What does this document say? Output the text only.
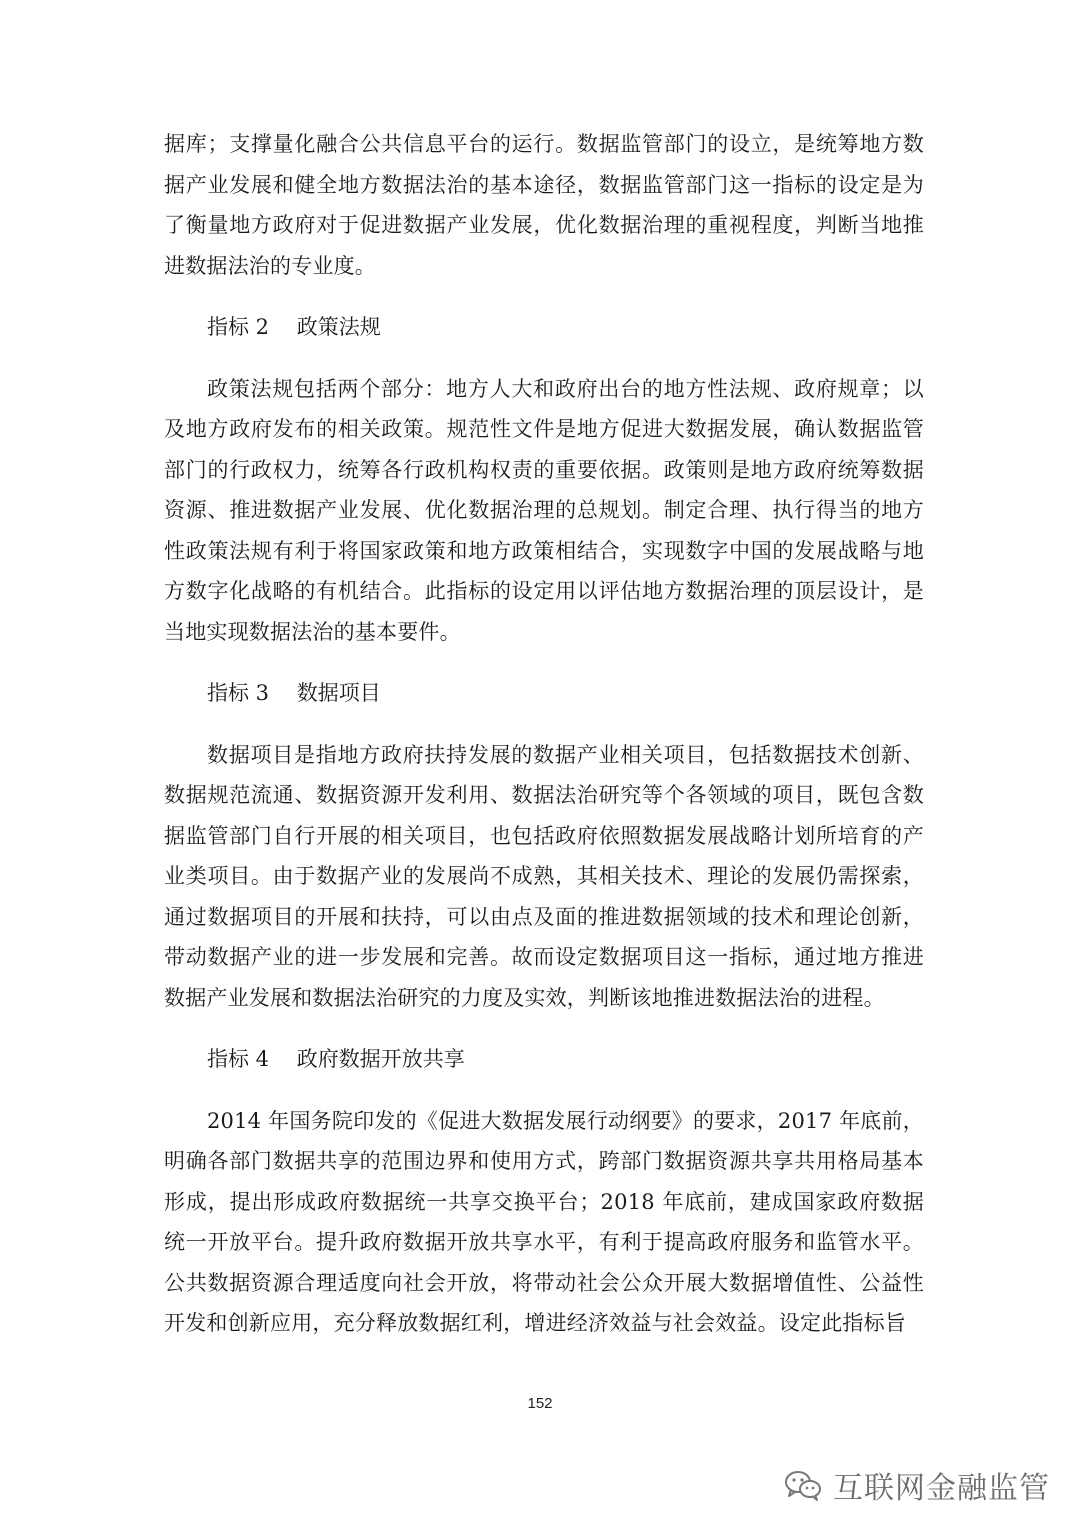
据库；支撑量化融合公共信息平台的运行。数据监管部门的设立，是统筹地方数据产业发展和健全地方数据法治的基本途径，数据监管部门这一指标的设定是为了衡量地方政府对于促进数据产业发展，优化数据治理的重视程度，判断当地推进数据法治的专业度。

指标 2　 政策法规

政策法规包括两个部分：地方人大和政府出台的地方性法规、政府规章；以及地方政府发布的相关政策。规范性文件是地方促进大数据发展，确认数据监管部门的行政权力，统筹各行政机构权责的重要依据。政策则是地方政府统筹数据资源、推进数据产业发展、优化数据治理的总规划。制定合理、执行得当的地方性政策法规有利于将国家政策和地方政策相结合，实现数字中国的发展战略与地方数字化战略的有机结合。此指标的设定用以评估地方数据治理的顶层设计，是当地实现数据法治的基本要件。

指标 3　 数据项目

数据项目是指地方政府扶持发展的数据产业相关项目，包括数据技术创新、数据规范流通、数据资源开发利用、数据法治研究等个各领域的项目，既包含数据监管部门自行开展的相关项目，也包括政府依照数据发展战略计划所培育的产业类项目。由于数据产业的发展尚不成熟，其相关技术、理论的发展仍需探索，通过数据项目的开展和扶持，可以由点及面的推进数据领域的技术和理论创新，带动数据产业的进一步发展和完善。故而设定数据项目这一指标，通过地方推进数据产业发展和数据法治研究的力度及实效，判断该地推进数据法治的进程。

指标 4　 政府数据开放共享

2014 年国务院印发的《促进大数据发展行动纲要》的要求，2017 年底前，明确各部门数据共享的范围边界和使用方式，跨部门数据资源共享共用格局基本形成，提出形成政府数据统一共享交换平台；2018 年底前，建成国家政府数据统一开放平台。提升政府数据开放共享水平，有利于提高政府服务和监管水平。公共数据资源合理适度向社会开放，将带动社会公众开展大数据增值性、公益性开发和创新应用，充分释放数据红利，增进经济效益与社会效益。设定此指标旨

152
互联网金融监管
